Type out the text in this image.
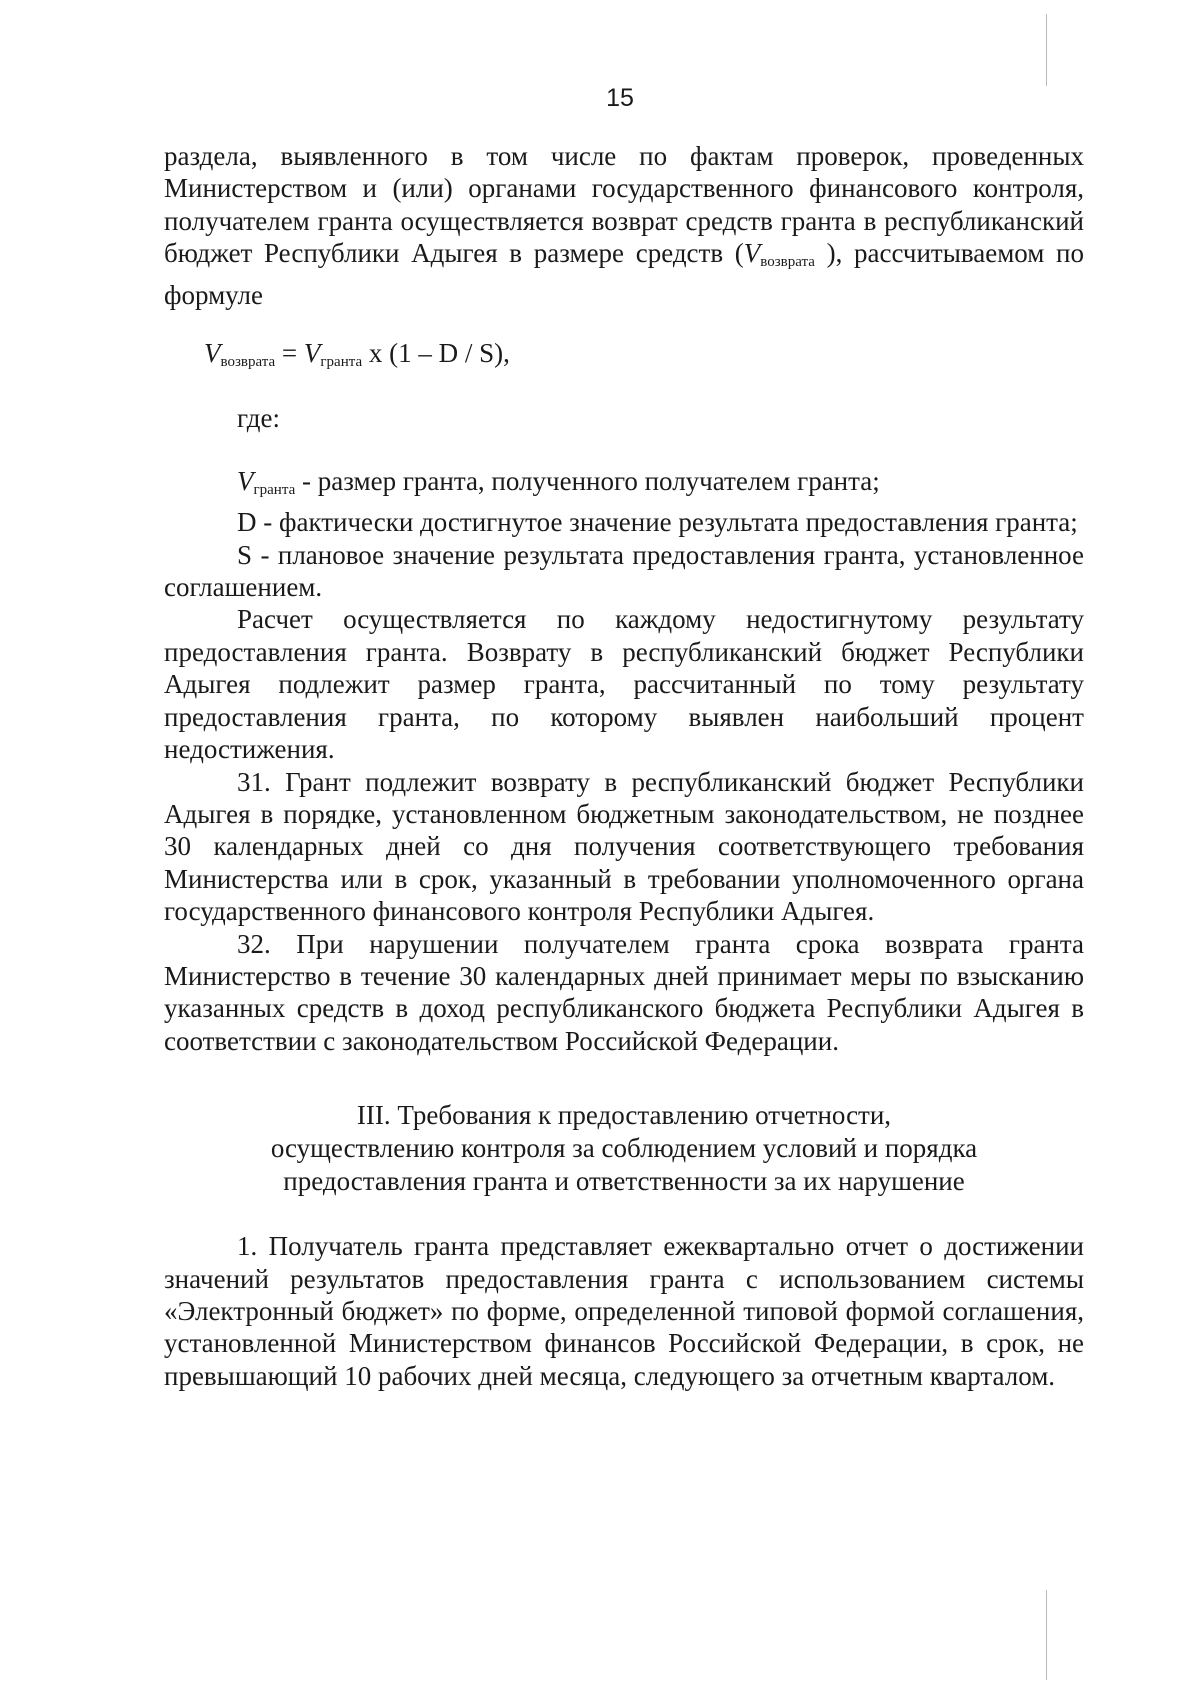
15

раздела, выявленного в том числе по фактам проверок, проведенных Министерством и (или) органами государственного финансового контроля, получателем гранта осуществляется возврат средств гранта в республиканский бюджет Республики Адыгея в размере средств ($V_{возврата}$ ), рассчитываемом по формуле

$V_{возврата} = V_{гранта}$ x (1 – D / S),

где:

$V_{гранта}$ - размер гранта, полученного получателем гранта;

D - фактически достигнутое значение результата предоставления гранта;

S - плановое значение результата предоставления гранта, установленное соглашением.

Расчет осуществляется по каждому недостигнутому результату предоставления гранта. Возврату в республиканский бюджет Республики Адыгея подлежит размер гранта, рассчитанный по тому результату предоставления гранта, по которому выявлен наибольший процент недостижения.

31. Грант подлежит возврату в республиканский бюджет Республики Адыгея в порядке, установленном бюджетным законодательством, не позднее 30 календарных дней со дня получения соответствующего требования Министерства или в срок, указанный в требовании уполномоченного органа государственного финансового контроля Республики Адыгея.

32. При нарушении получателем гранта срока возврата гранта Министерство в течение 30 календарных дней принимает меры по взысканию указанных средств в доход республиканского бюджета Республики Адыгея в соответствии с законодательством Российской Федерации.

III. Требования к предоставлению отчетности,
осуществлению контроля за соблюдением условий и порядка
предоставления гранта и ответственности за их нарушение

1. Получатель гранта представляет ежеквартально отчет о достижении значений результатов предоставления гранта с использованием системы «Электронный бюджет» по форме, определенной типовой формой соглашения, установленной Министерством финансов Российской Федерации, в срок, не превышающий 10 рабочих дней месяца, следующего за отчетным кварталом.
